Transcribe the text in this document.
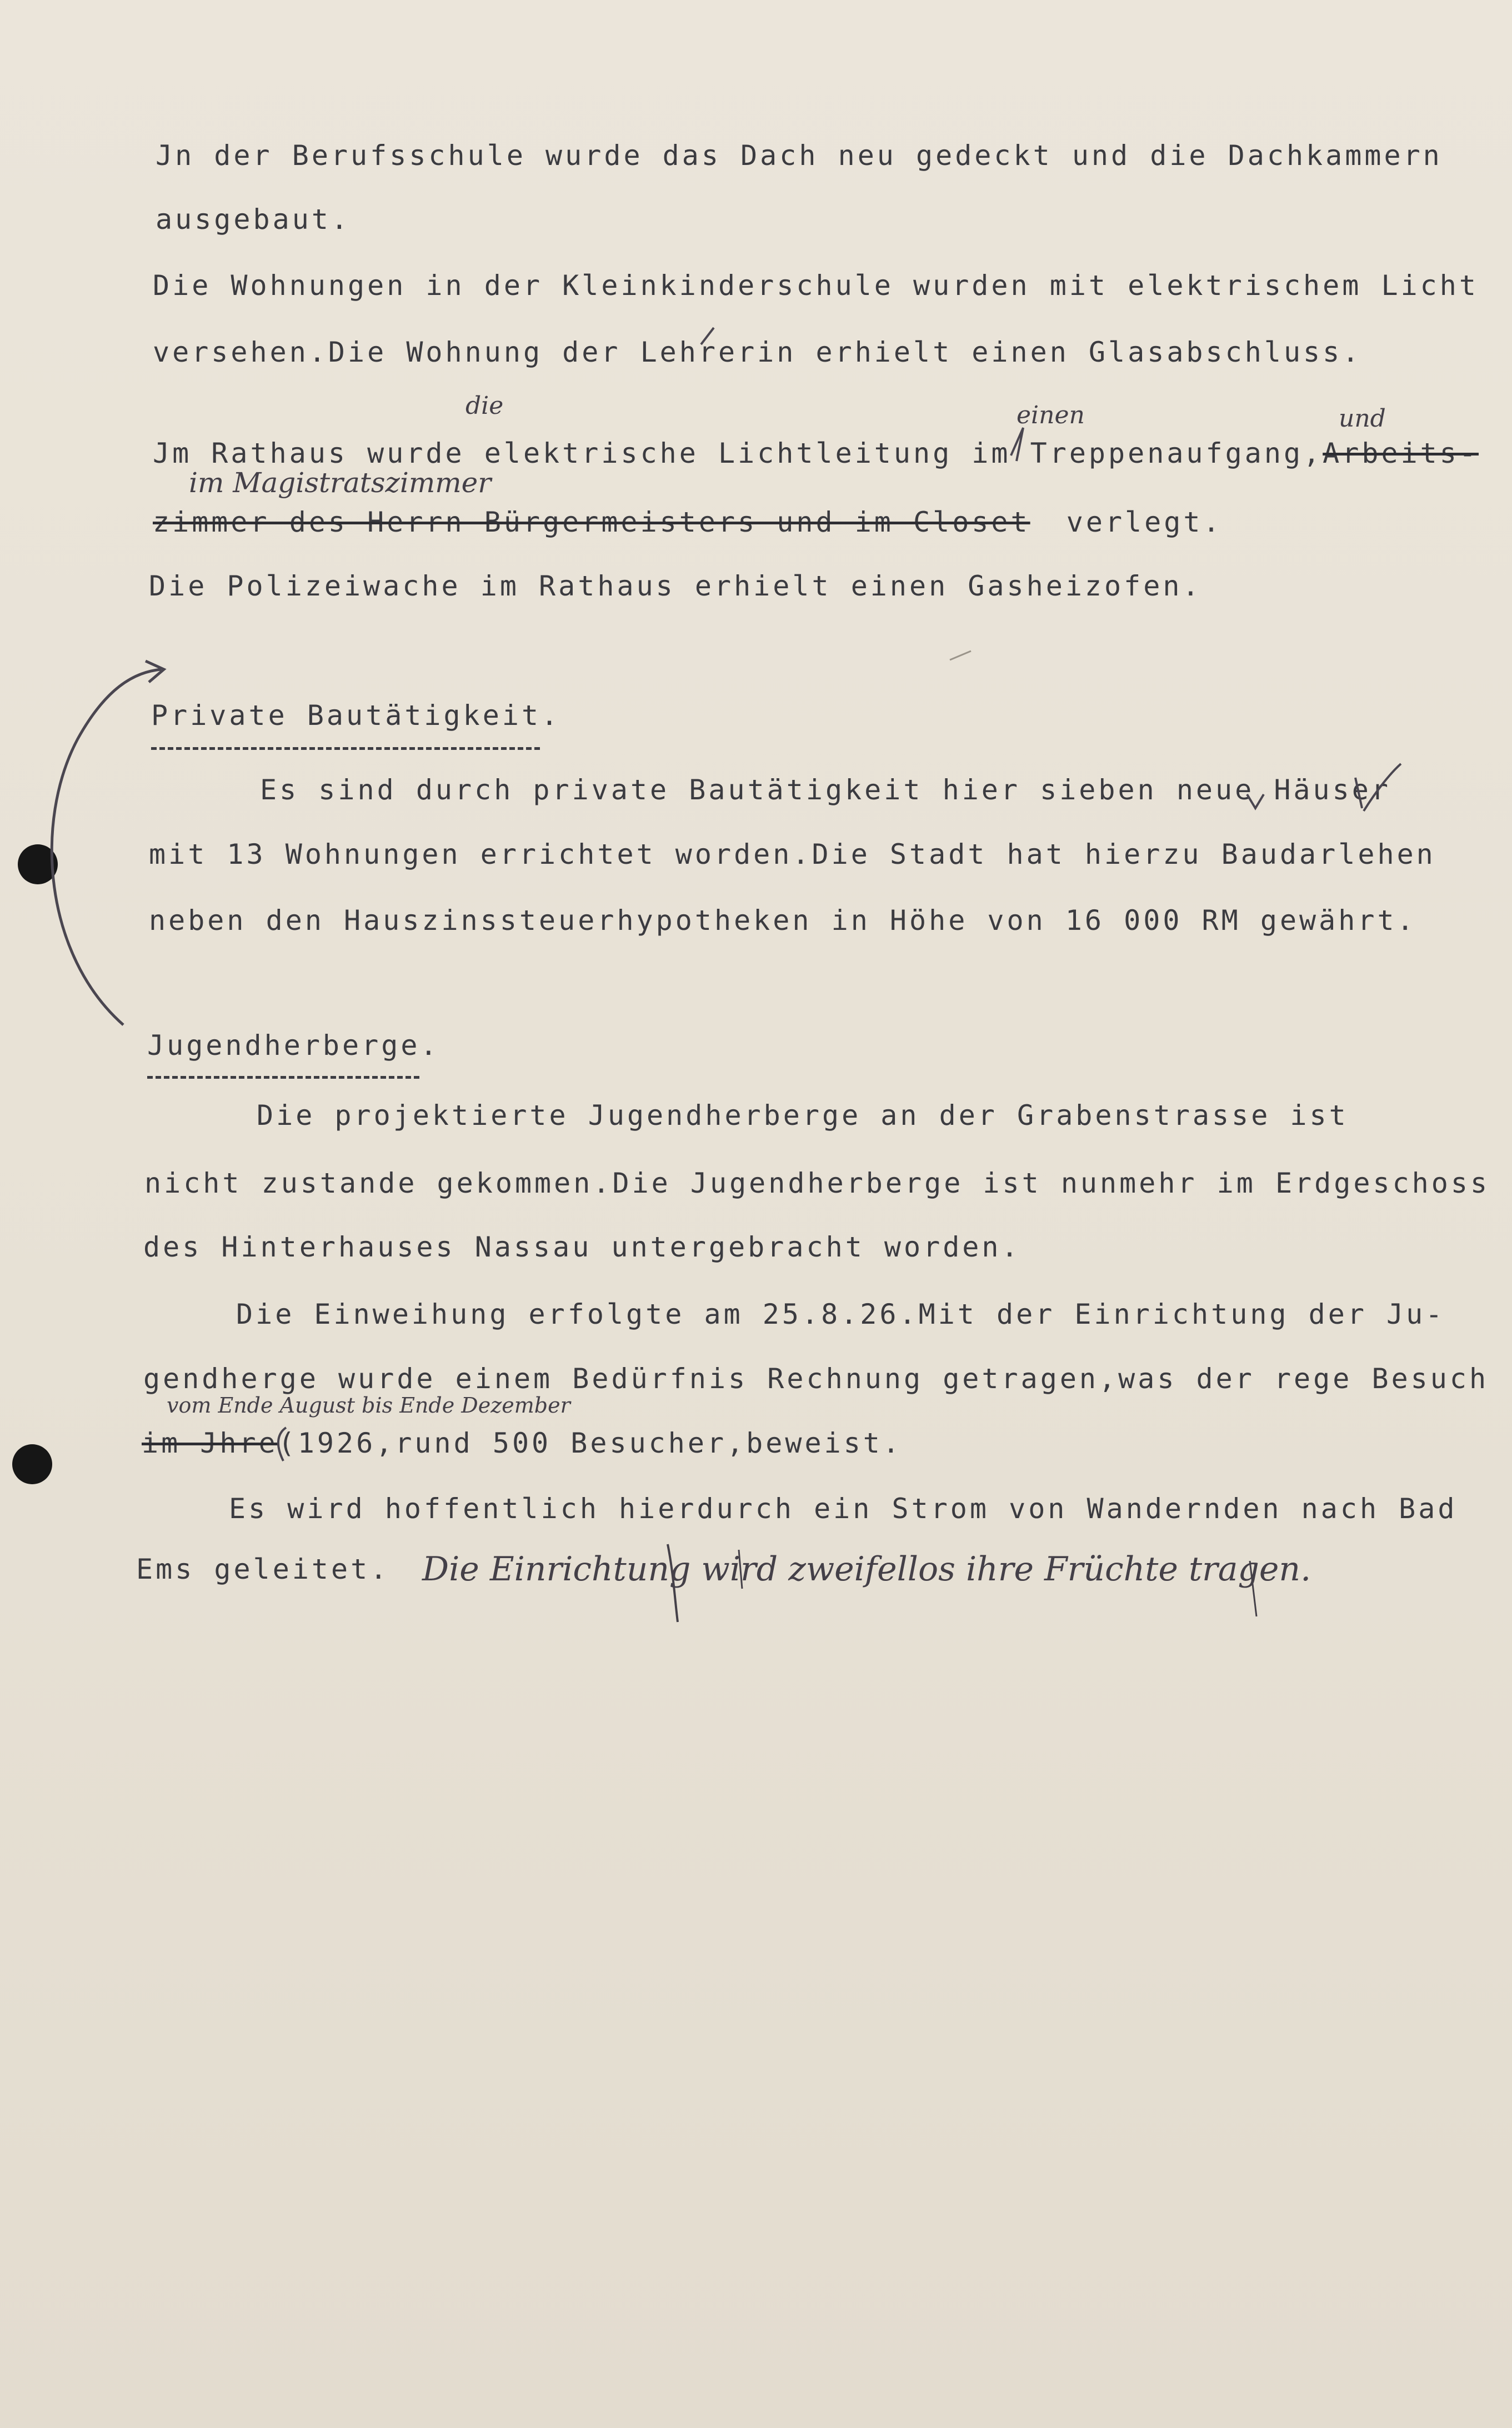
Jn der Berufsschule wurde das Dach neu gedeckt und die Dachkammern
ausgebaut.
Die Wohnungen in der Kleinkinderschule wurden mit elektrischem Licht
versehen.Die Wohnung der Lehrerin erhielt einen Glasabschluss.
die	einen	und
Jm Rathaus wurde elektrische Lichtleitung im Treppenaufgang,Arbeits-
im Magistratszimmer
zimmer des Herrn Bürgermeisters und im Closet verlegt.
Die Polizeiwache im Rathaus erhielt einen Gasheizofen.
Private Bautätigkeit.
Es sind durch private Bautätigkeit hier sieben neue Häuser
mit 13 Wohnungen errichtet worden.Die Stadt hat hierzu Baudarlehen
neben den Hauszinssteuerhypotheken in Höhe von 16 000 RM gewährt.
Jugendherberge.
Die projektierte Jugendherberge an der Grabenstrasse ist
nicht zustande gekommen.Die Jugendherberge ist nunmehr im Erdgeschoss
des Hinterhauses Nassau untergebracht worden.
Die Einweihung erfolgte am 25.8.26.Mit der Einrichtung der Ju-
gendherge wurde einem Bedürfnis Rechnung getragen,was der rege Besuch
vom Ende August bis Ende Dezember
im Jhre(1926,rund 500 Besucher,beweist.
Es wird hoffentlich hierdurch ein Strom von Wandernden nach Bad
Ems geleitet. Die Einrichtung wird zweifellos ihre Früchte tragen.
